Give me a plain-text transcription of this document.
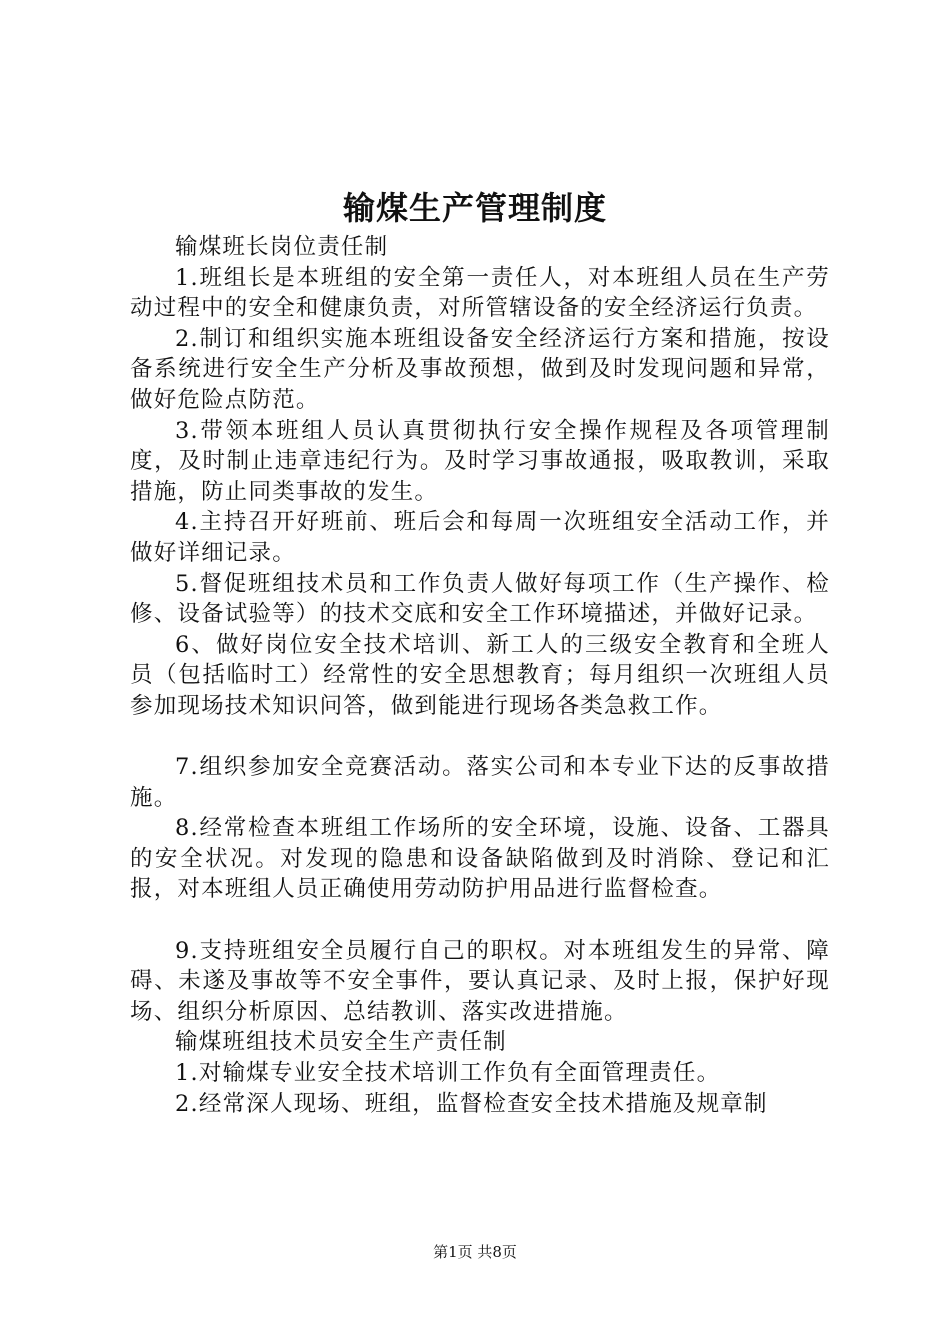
输煤生产管理制度

输煤班长岗位责任制

1.班组长是本班组的安全第一责任人，对本班组人员在生产劳动过程中的安全和健康负责，对所管辖设备的安全经济运行负责。

2.制订和组织实施本班组设备安全经济运行方案和措施，按设备系统进行安全生产分析及事故预想，做到及时发现问题和异常，做好危险点防范。

3.带领本班组人员认真贯彻执行安全操作规程及各项管理制度，及时制止违章违纪行为。及时学习事故通报，吸取教训，采取措施，防止同类事故的发生。

4.主持召开好班前、班后会和每周一次班组安全活动工作，并做好详细记录。

5.督促班组技术员和工作负责人做好每项工作（生产操作、检修、设备试验等）的技术交底和安全工作环境描述，并做好记录。

6、做好岗位安全技术培训、新工人的三级安全教育和全班人员（包括临时工）经常性的安全思想教育；每月组织一次班组人员参加现场技术知识问答，做到能进行现场各类急救工作。

7.组织参加安全竞赛活动。落实公司和本专业下达的反事故措施。

8.经常检查本班组工作场所的安全环境，设施、设备、工器具的安全状况。对发现的隐患和设备缺陷做到及时消除、登记和汇报，对本班组人员正确使用劳动防护用品进行监督检查。

9.支持班组安全员履行自己的职权。对本班组发生的异常、障碍、未遂及事故等不安全事件，要认真记录、及时上报，保护好现场、组织分析原因、总结教训、落实改进措施。

输煤班组技术员安全生产责任制

1.对输煤专业安全技术培训工作负有全面管理责任。

2.经常深人现场、班组，监督检查安全技术措施及规章制

第1页 共8页
